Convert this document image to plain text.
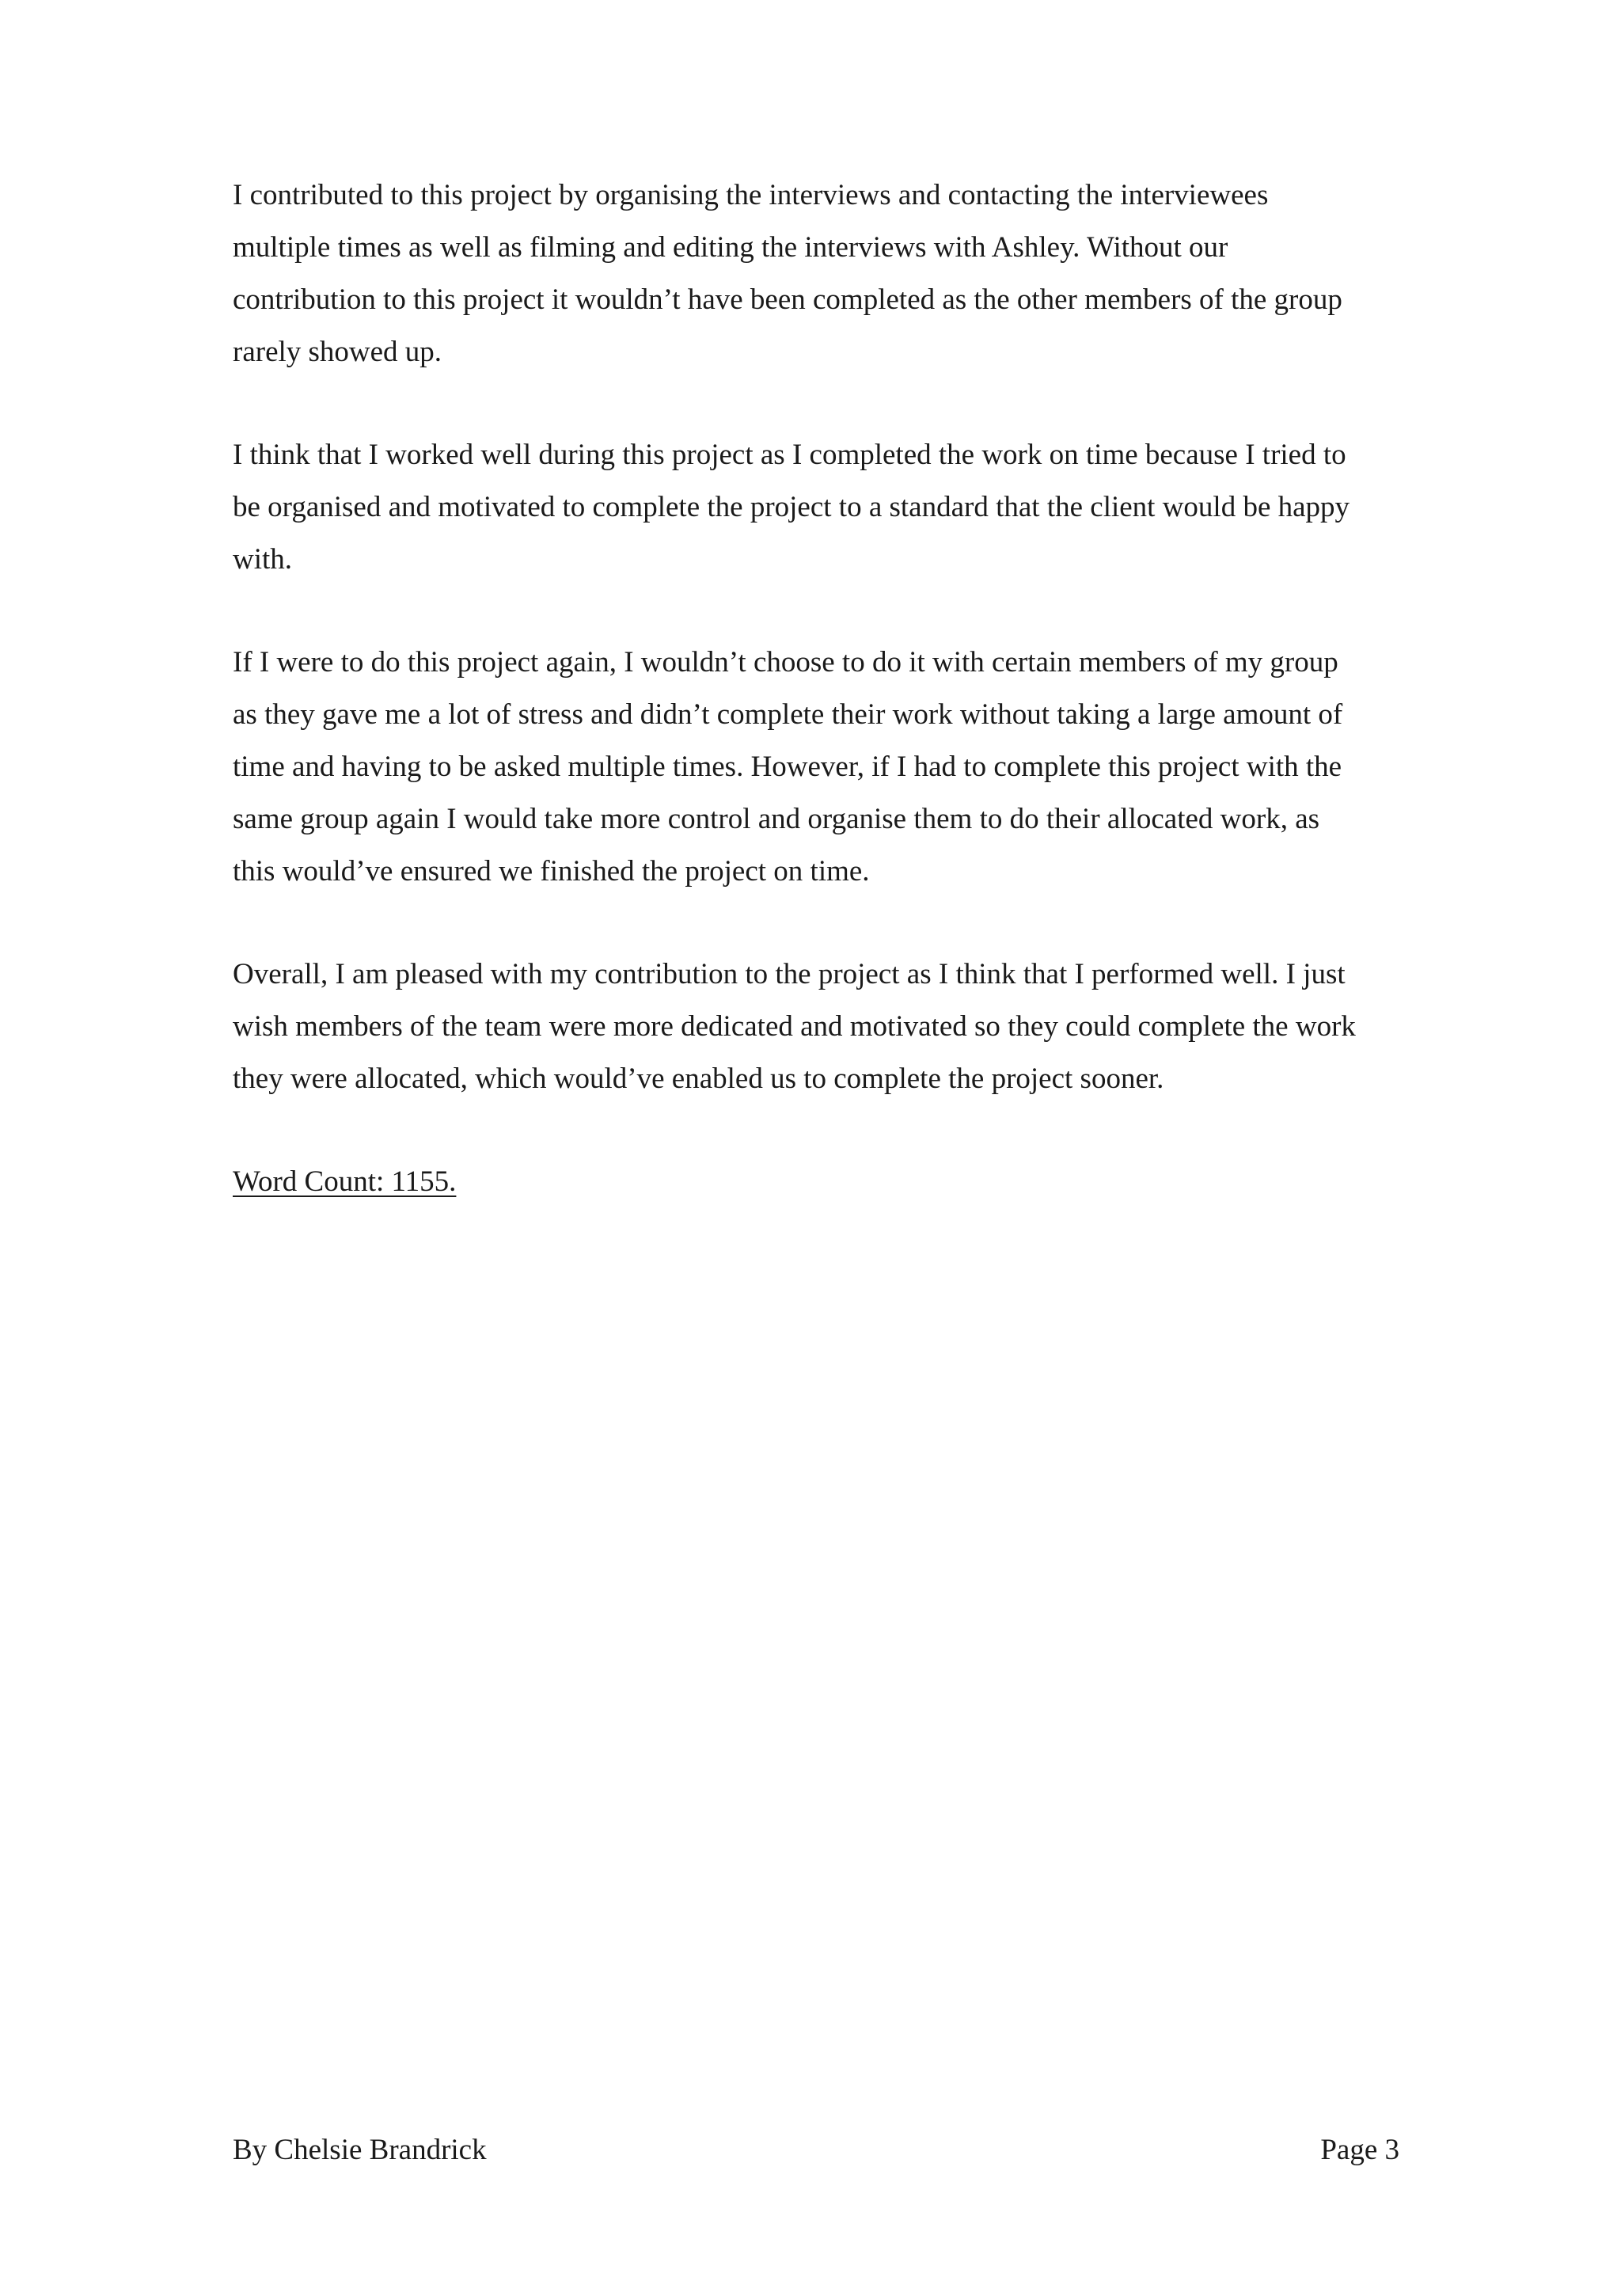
I contributed to this project by organising the interviews and contacting the interviewees
multiple times as well as filming and editing the interviews with Ashley. Without our
contribution to this project it wouldn’t have been completed as the other members of the group
rarely showed up.

I think that I worked well during this project as I completed the work on time because I tried to
be organised and motivated to complete the project to a standard that the client would be happy
with.

If I were to do this project again, I wouldn’t choose to do it with certain members of my group
as they gave me a lot of stress and didn’t complete their work without taking a large amount of
time and having to be asked multiple times. However, if I had to complete this project with the
same group again I would take more control and organise them to do their allocated work, as
this would’ve ensured we finished the project on time.

Overall, I am pleased with my contribution to the project as I think that I performed well. I just
wish members of the team were more dedicated and motivated so they could complete the work
they were allocated, which would’ve enabled us to complete the project sooner.

Word Count: 1155.

By Chelsie Brandrick	Page 3
